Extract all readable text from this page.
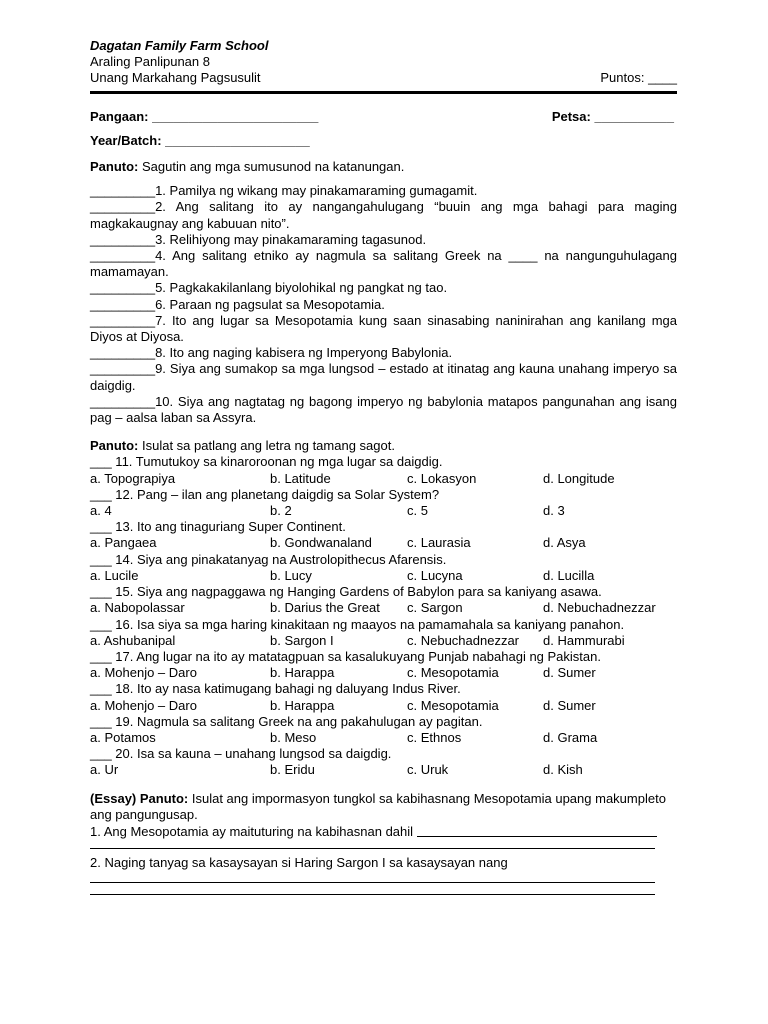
Dagatan Family Farm School
Araling Panlipunan 8
Unang Markahang Pagsusulit	Puntos: ____
Pangaan: _______________________	Petsa: ___________
Year/Batch: ____________________
Panuto: Sagutin ang mga sumusunod na katanungan.
_________1. Pamilya ng wikang may pinakamaraming gumagamit.
_________2. Ang salitang ito ay nangangahulugang “buuin ang mga bahagi para maging magkakaugnay ang kabuuan nito”.
_________3. Relihiyong may pinakamaraming tagasunod.
_________4. Ang salitang etniko ay nagmula sa salitang Greek na ____ na nangunguhulagang mamamayan.
_________5. Pagkakakilanlang biyolohikal ng pangkat ng tao.
_________6. Paraan ng pagsulat sa Mesopotamia.
_________7. Ito ang lugar sa Mesopotamia kung saan sinasabing naninirahan ang kanilang mga Diyos at Diyosa.
_________8. Ito ang naging kabisera ng Imperyong Babylonia.
_________9. Siya ang sumakop sa mga lungsod – estado at itinatag ang kauna unahang imperyo sa daigdig.
_________10. Siya ang nagtatag ng bagong imperyo ng babylonia matapos pangunahan ang isang pag – aalsa laban sa Assyra.
Panuto: Isulat sa patlang ang letra ng tamang sagot.
___ 11. Tumutukoy sa kinaroroonan ng mga lugar sa daigdig.
a. Topograpiya	b. Latitude	c. Lokasyon	d. Longitude
___ 12. Pang – ilan ang planetang daigdig sa Solar System?
a. 4	b. 2	c. 5	d. 3
___ 13. Ito ang tinaguriang Super Continent.
a. Pangaea	b. Gondwanaland	c. Laurasia	d. Asya
___ 14. Siya ang pinakatanyag na Austrolopithecus Afarensis.
a. Lucile	b. Lucy	c. Lucyna	d. Lucilla
___ 15. Siya ang nagpaggawa ng Hanging Gardens of Babylon para sa kaniyang asawa.
a. Nabopolassar	b. Darius the Great	c. Sargon	d. Nebuchadnezzar
___ 16. Isa siya sa mga haring kinakitaan ng maayos na pamamahala sa kaniyang panahon.
a. Ashubanipal	b. Sargon I	c. Nebuchadnezzar	d. Hammurabi
___ 17. Ang lugar na ito ay matatagpuan sa kasalukuyang Punjab nabahagi ng Pakistan.
a. Mohenjo – Daro	b. Harappa	c. Mesopotamia	d. Sumer
___ 18. Ito ay nasa katimugang bahagi ng daluyang Indus River.
a. Mohenjo – Daro	b. Harappa	c. Mesopotamia	d. Sumer
___ 19. Nagmula sa salitang Greek na ang pakahulugan ay pagitan.
a. Potamos	b. Meso	c. Ethnos	d. Grama
___ 20. Isa sa kauna – unahang lungsod sa daigdig.
a. Ur	b. Eridu	c. Uruk	d. Kish
(Essay) Panuto: Isulat ang impormasyon tungkol sa kabihasnang Mesopotamia upang makumpleto ang pangungusap.
1. Ang Mesopotamia ay maituturing na kabihasnan dahil
2. Naging tanyag sa kasaysayan si Haring Sargon I sa kasaysayan nang
